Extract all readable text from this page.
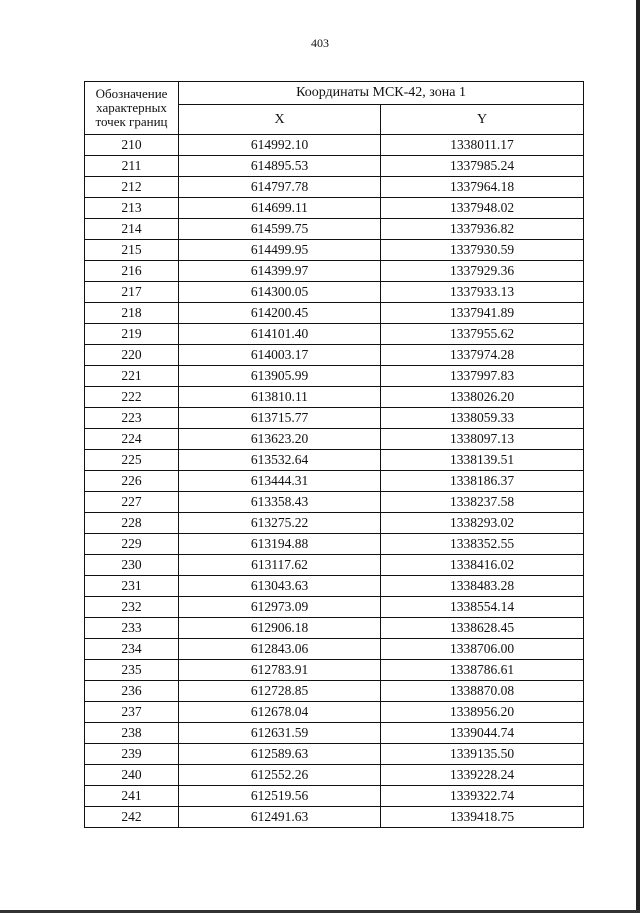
403
Обозначение характерных точек границ	Координаты МСК-42, зона 1	
	X	Y
210	614992.10	1338011.17
211	614895.53	1337985.24
212	614797.78	1337964.18
213	614699.11	1337948.02
214	614599.75	1337936.82
215	614499.95	1337930.59
216	614399.97	1337929.36
217	614300.05	1337933.13
218	614200.45	1337941.89
219	614101.40	1337955.62
220	614003.17	1337974.28
221	613905.99	1337997.83
222	613810.11	1338026.20
223	613715.77	1338059.33
224	613623.20	1338097.13
225	613532.64	1338139.51
226	613444.31	1338186.37
227	613358.43	1338237.58
228	613275.22	1338293.02
229	613194.88	1338352.55
230	613117.62	1338416.02
231	613043.63	1338483.28
232	612973.09	1338554.14
233	612906.18	1338628.45
234	612843.06	1338706.00
235	612783.91	1338786.61
236	612728.85	1338870.08
237	612678.04	1338956.20
238	612631.59	1339044.74
239	612589.63	1339135.50
240	612552.26	1339228.24
241	612519.56	1339322.74
242	612491.63	1339418.75
